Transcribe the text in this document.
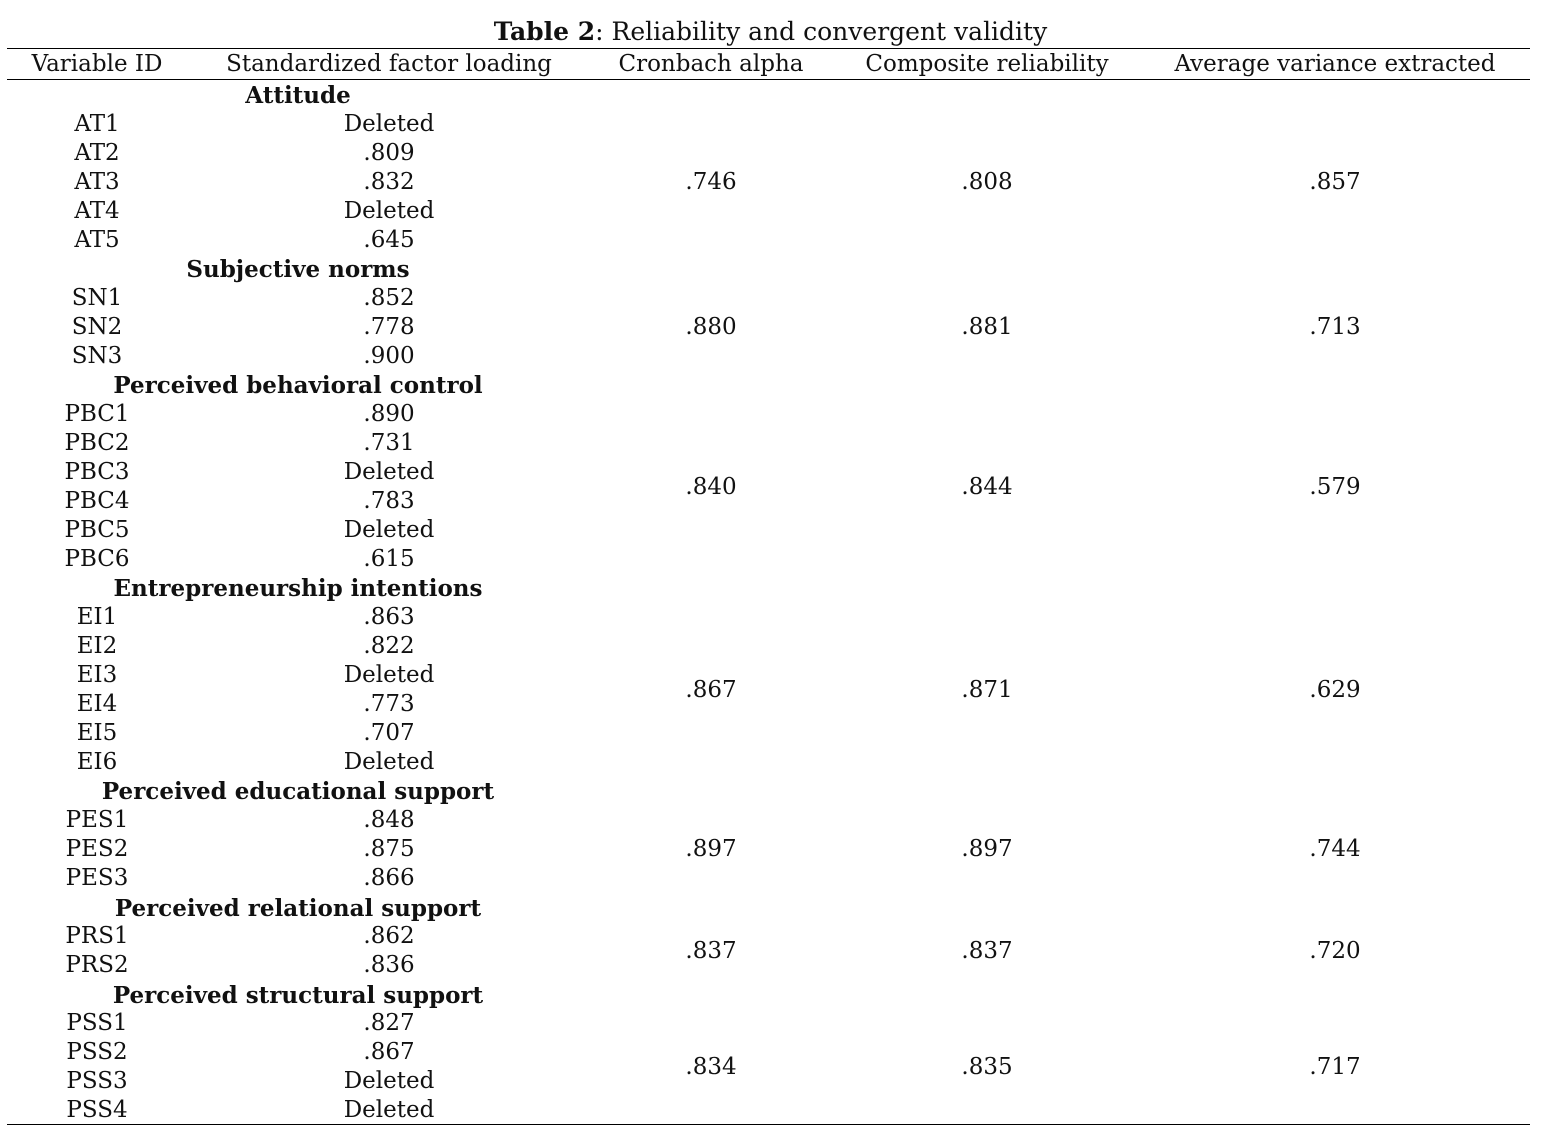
Table 2: Reliability and convergent validity
Variable ID	Standardized factor loading	Cronbach alpha	Composite reliability	Average variance extracted
Attitude
AT1	Deleted
AT2	.809
AT3	.832
AT4	Deleted
AT5	.645
.746	.808	.857
Subjective norms
SN1	.852
SN2	.778
SN3	.900
.880	.881	.713
Perceived behavioral control
PBC1	.890
PBC2	.731
PBC3	Deleted
PBC4	.783
PBC5	Deleted
PBC6	.615
.840	.844	.579
Entrepreneurship intentions
EI1	.863
EI2	.822
EI3	Deleted
EI4	.773
EI5	.707
EI6	Deleted
.867	.871	.629
Perceived educational support
PES1	.848
PES2	.875
PES3	.866
.897	.897	.744
Perceived relational support
PRS1	.862
PRS2	.836
.837	.837	.720
Perceived structural support
PSS1	.827
PSS2	.867
PSS3	Deleted
PSS4	Deleted
.834	.835	.717
